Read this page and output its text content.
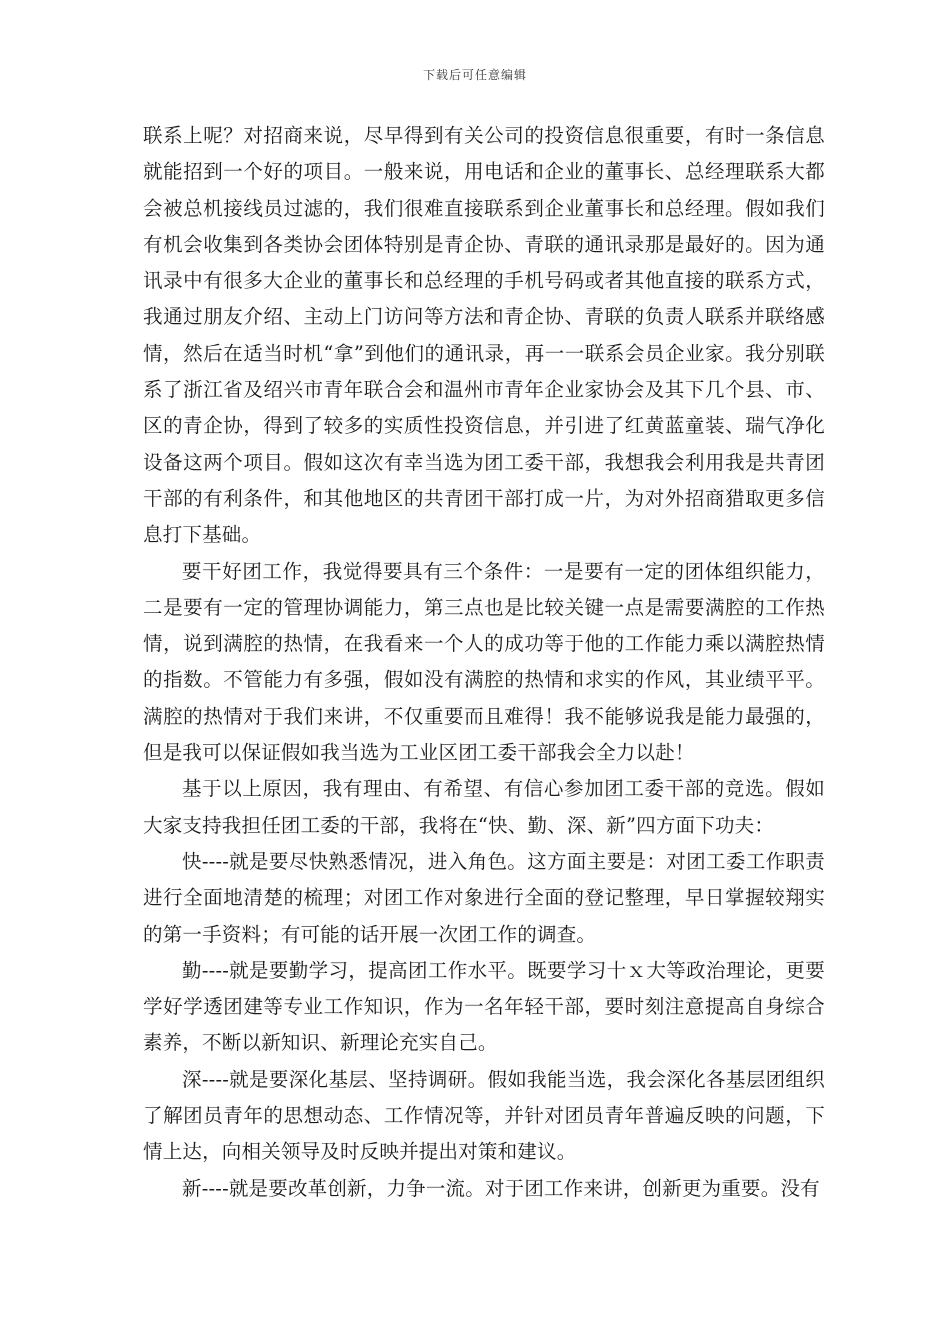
下载后可任意编辑

联系上呢？对招商来说，尽早得到有关公司的投资信息很重要，有时一条信息就能招到一个好的项目。一般来说，用电话和企业的董事长、总经理联系大都会被总机接线员过滤的，我们很难直接联系到企业董事长和总经理。假如我们有机会收集到各类协会团体特别是青企协、青联的通讯录那是最好的。因为通讯录中有很多大企业的董事长和总经理的手机号码或者其他直接的联系方式，我通过朋友介绍、主动上门访问等方法和青企协、青联的负责人联系并联络感情，然后在适当时机“拿”到他们的通讯录，再一一联系会员企业家。我分别联系了浙江省及绍兴市青年联合会和温州市青年企业家协会及其下几个县、市、区的青企协，得到了较多的实质性投资信息，并引进了红黄蓝童装、瑞气净化设备这两个项目。假如这次有幸当选为团工委干部，我想我会利用我是共青团干部的有利条件，和其他地区的共青团干部打成一片，为对外招商猎取更多信息打下基础。

要干好团工作，我觉得要具有三个条件：一是要有一定的团体组织能力，二是要有一定的管理协调能力，第三点也是比较关键一点是需要满腔的工作热情，说到满腔的热情，在我看来一个人的成功等于他的工作能力乘以满腔热情的指数。不管能力有多强，假如没有满腔的热情和求实的作风，其业绩平平。满腔的热情对于我们来讲，不仅重要而且难得！我不能够说我是能力最强的，但是我可以保证假如我当选为工业区团工委干部我会全力以赴！

基于以上原因，我有理由、有希望、有信心参加团工委干部的竞选。假如大家支持我担任团工委的干部，我将在“快、勤、深、新”四方面下功夫：

快----就是要尽快熟悉情况，进入角色。这方面主要是：对团工委工作职责进行全面地清楚的梳理；对团工作对象进行全面的登记整理，早日掌握较翔实的第一手资料；有可能的话开展一次团工作的调查。

勤----就是要勤学习，提高团工作水平。既要学习十ｘ大等政治理论，更要学好学透团建等专业工作知识，作为一名年轻干部，要时刻注意提高自身综合素养，不断以新知识、新理论充实自己。

深----就是要深化基层、坚持调研。假如我能当选，我会深化各基层团组织了解团员青年的思想动态、工作情况等，并针对团员青年普遍反映的问题，下情上达，向相关领导及时反映并提出对策和建议。

新----就是要改革创新，力争一流。对于团工作来讲，创新更为重要。没有
